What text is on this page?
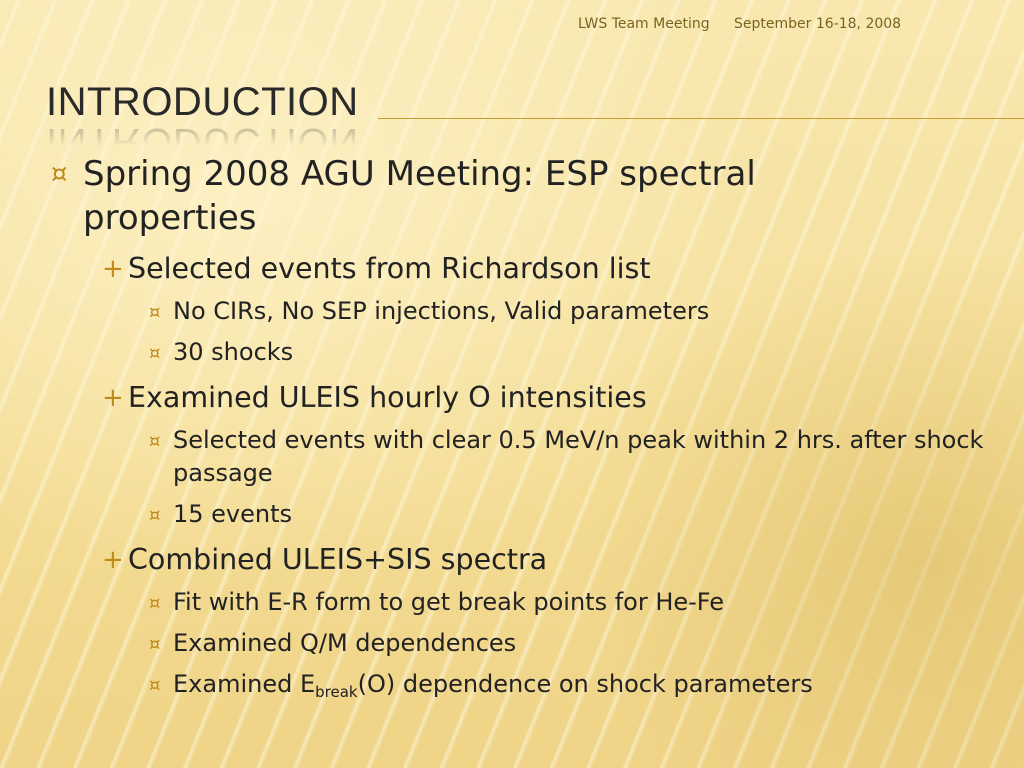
LWS Team Meeting September 16-18, 2008
INTRODUCTION
¤ Spring 2008 AGU Meeting: ESP spectral properties
+ Selected events from Richardson list
¤ No CIRs, No SEP injections, Valid parameters
¤ 30 shocks
+ Examined ULEIS hourly O intensities
¤ Selected events with clear 0.5 MeV/n peak within 2 hrs. after shock passage
¤ 15 events
+ Combined ULEIS+SIS spectra
¤ Fit with E-R form to get break points for He-Fe
¤ Examined Q/M dependences
¤ Examined $E_{break}(O)$ dependence on shock parameters
